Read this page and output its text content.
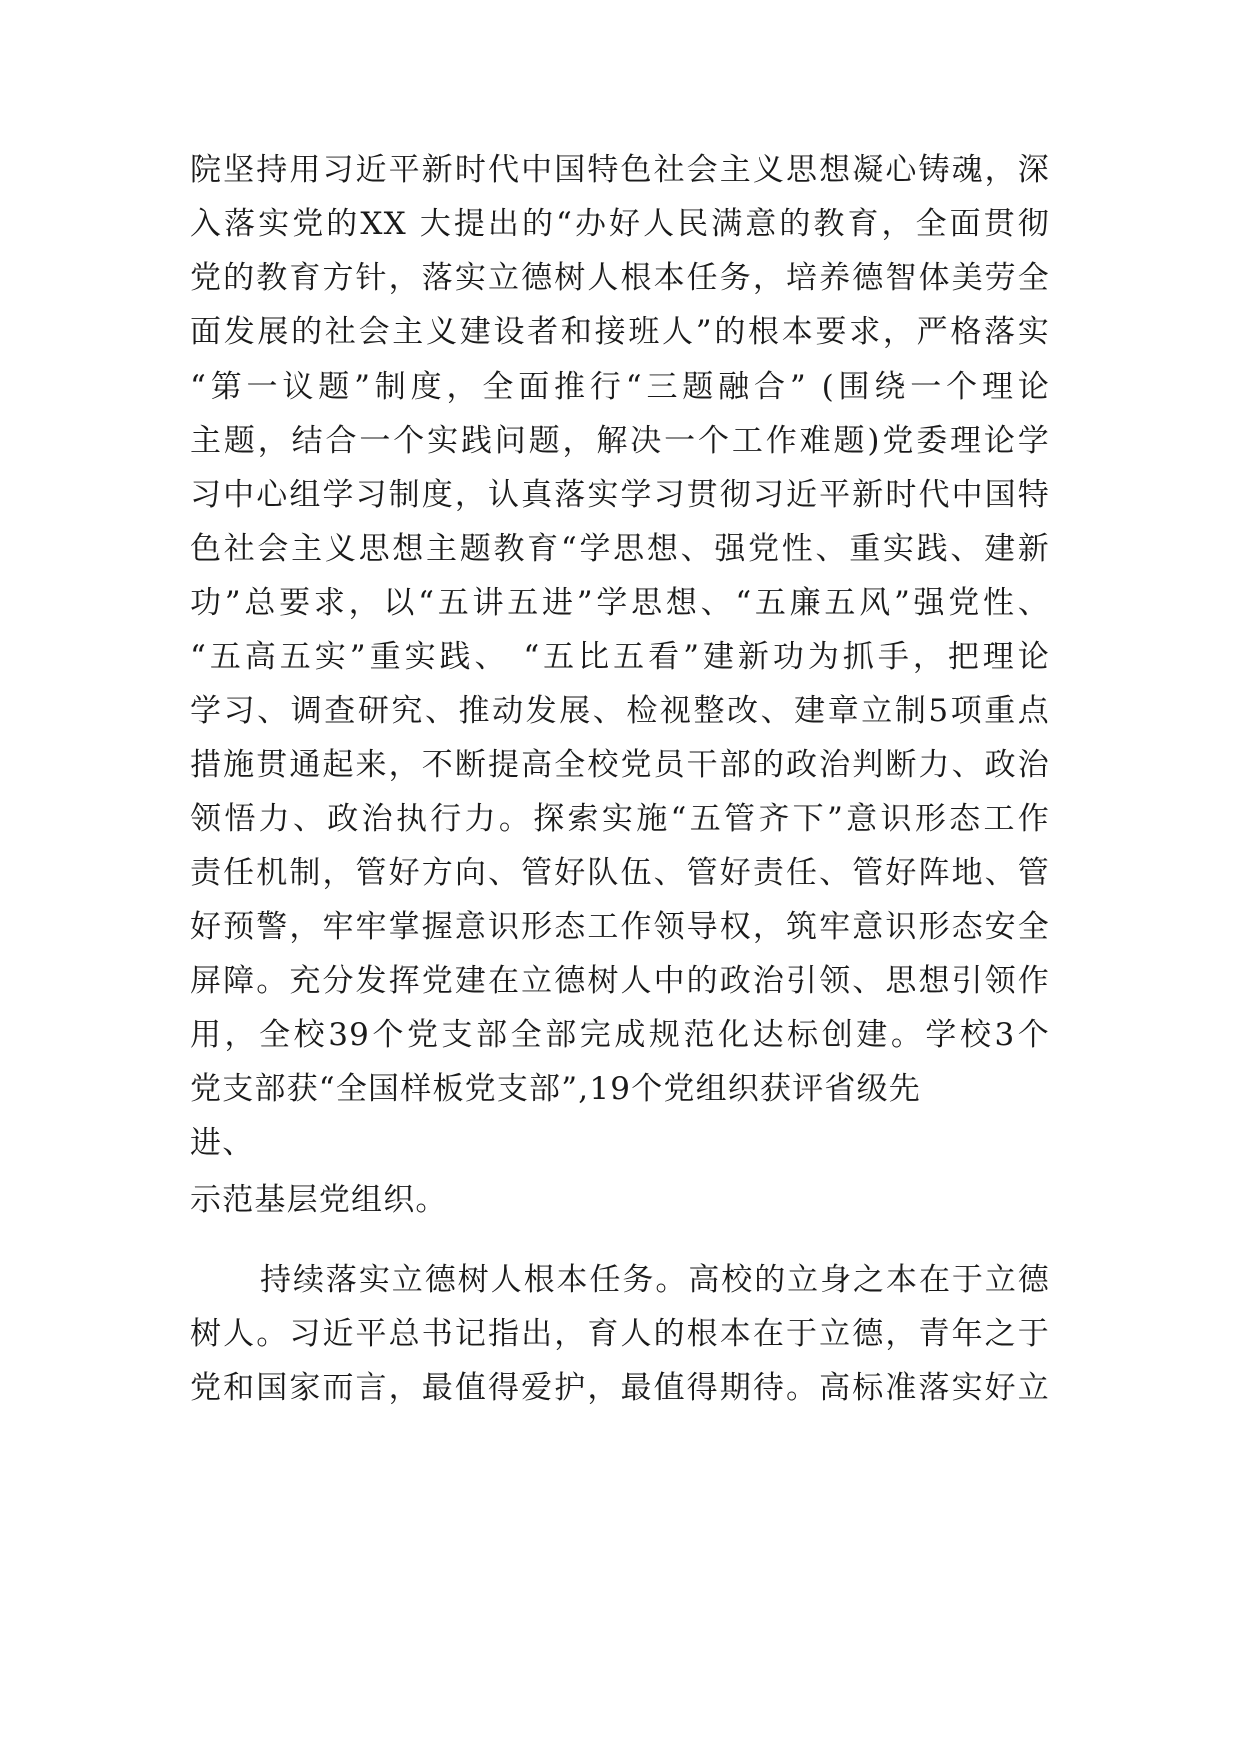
院坚持用习近平新时代中国特色社会主义思想凝心铸魂，深
入落实党的XX 大提出的“办好人民满意的教育，全面贯彻
党的教育方针，落实立德树人根本任务，培养德智体美劳全
面发展的社会主义建设者和接班人”的根本要求，严格落实
“第一议题”制度，全面推行“三题融合” (围绕一个理论
主题，结合一个实践问题，解决一个工作难题)党委理论学
习中心组学习制度，认真落实学习贯彻习近平新时代中国特
色社会主义思想主题教育“学思想、强党性、重实践、建新
功”总要求，以“五讲五进”学思想、“五廉五风”强党性、
“五高五实”重实践、 “五比五看”建新功为抓手，把理论
学习、调查研究、推动发展、检视整改、建章立制5项重点
措施贯通起来，不断提高全校党员干部的政治判断力、政治
领悟力、政治执行力。探索实施“五管齐下”意识形态工作
责任机制，管好方向、管好队伍、管好责任、管好阵地、管
好预警，牢牢掌握意识形态工作领导权，筑牢意识形态安全
屏障。充分发挥党建在立德树人中的政治引领、思想引领作
用，全校39个党支部全部完成规范化达标创建。学校3个
党支部获“全国样板党支部”,19个党组织获评省级先
进、
示范基层党组织。
持续落实立德树人根本任务。高校的立身之本在于立德
树人。习近平总书记指出，育人的根本在于立德，青年之于
党和国家而言，最值得爱护，最值得期待。高标准落实好立
